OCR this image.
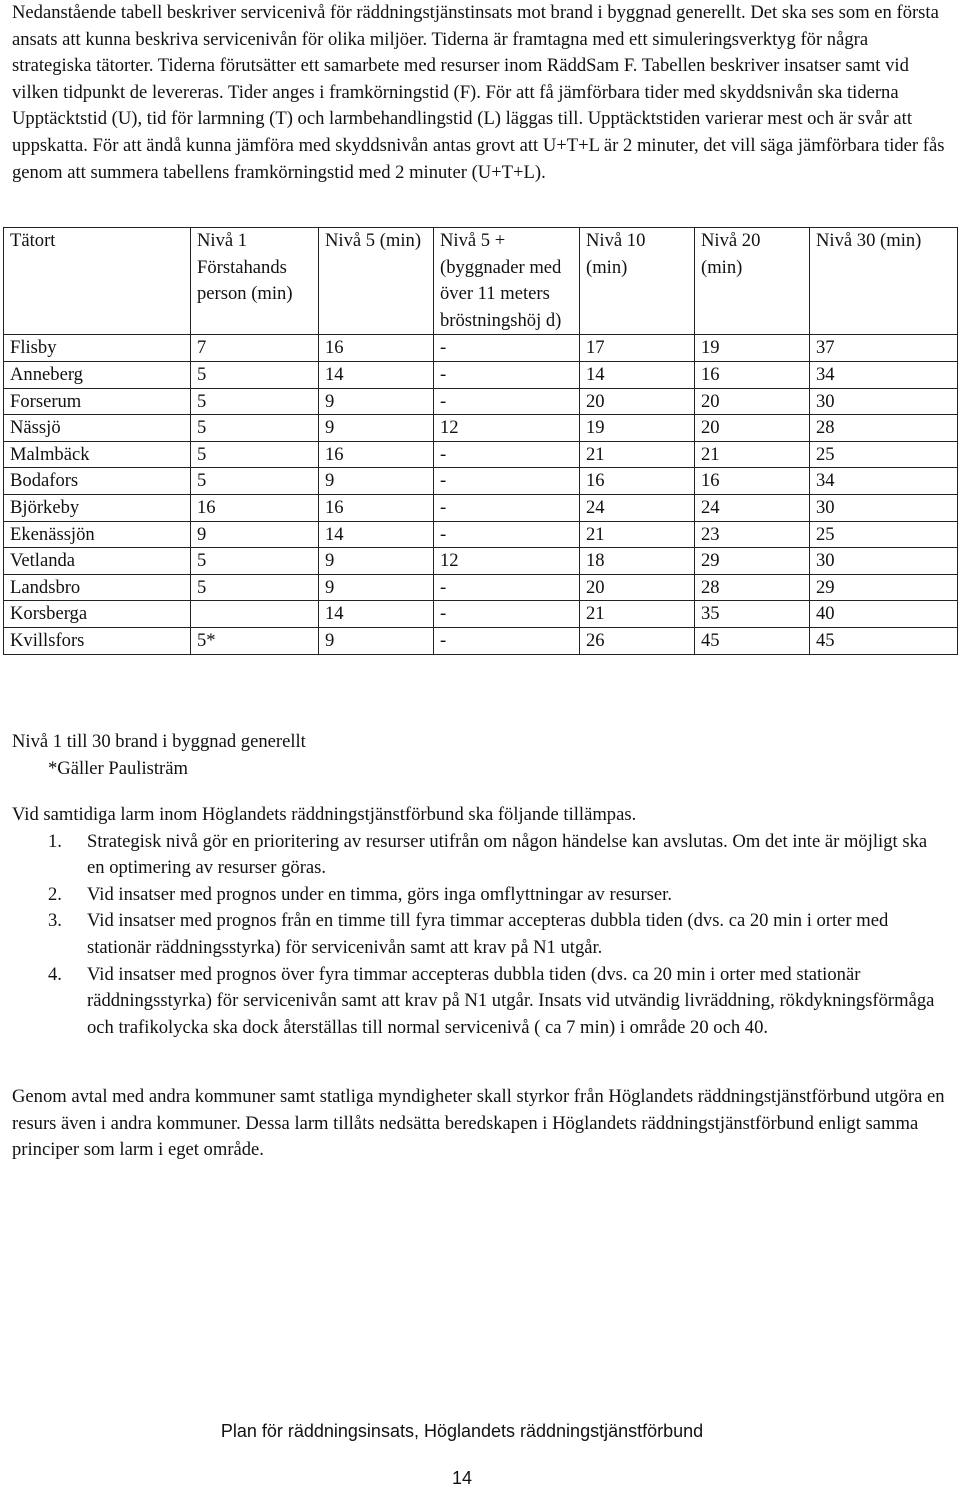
Nedanstående tabell beskriver servicenivå för räddningstjänstinsats mot brand i byggnad generellt. Det ska ses som en första ansats att kunna beskriva servicenivån för olika miljöer. Tiderna är framtagna med ett simuleringsverktyg för några strategiska tätorter. Tiderna förutsätter ett samarbete med resurser inom RäddSam F. Tabellen beskriver insatser samt vid vilken tidpunkt de levereras. Tider anges i framkörningstid (F). För att få jämförbara tider med skyddsnivån ska tiderna Upptäcktstid (U), tid för larmning (T) och larmbehandlingstid (L) läggas till. Upptäcktstiden varierar mest och är svår att uppskatta. För att ändå kunna jämföra med skyddsnivån antas grovt att U+T+L är 2 minuter, det vill säga jämförbara tider fås genom att summera tabellens framkörningstid med 2 minuter (U+T+L).

Tätort	Nivå 1 Förstahands person (min)	Nivå 5 (min)	Nivå 5 + (byggnader med över 11 meters bröstningshöj d)	Nivå 10 (min)	Nivå 20 (min)	Nivå 30 (min)
Flisby	7	16	-	17	19	37
Anneberg	5	14	-	14	16	34
Forserum	5	9	-	20	20	30
Nässjö	5	9	12	19	20	28
Malmbäck	5	16	-	21	21	25
Bodafors	5	9	-	16	16	34
Björkeby	16	16	-	24	24	30
Ekenässjön	9	14	-	21	23	25
Vetlanda	5	9	12	18	29	30
Landsbro	5	9	-	20	28	29
Korsberga		14	-	21	35	40
Kvillsfors	5*	9	-	26	45	45

Nivå 1 till 30 brand i byggnad generellt

*Gäller Paulisträm

Vid samtidiga larm inom Höglandets räddningstjänstförbund ska följande tillämpas.

1. Strategisk nivå gör en prioritering av resurser utifrån om någon händelse kan avslutas. Om det inte är möjligt ska en optimering av resurser göras.
2. Vid insatser med prognos under en timma, görs inga omflyttningar av resurser.
3. Vid insatser med prognos från en timme till fyra timmar accepteras dubbla tiden (dvs. ca 20 min i orter med stationär räddningsstyrka) för servicenivån samt att krav på N1 utgår.
4. Vid insatser med prognos över fyra timmar accepteras dubbla tiden (dvs. ca 20 min i orter med stationär räddningsstyrka) för servicenivån samt att krav på N1 utgår. Insats vid utvändig livräddning, rökdykningsförmåga och trafikolycka ska dock återställas till normal servicenivå ( ca 7 min) i område 20 och 40.

Genom avtal med andra kommuner samt statliga myndigheter skall styrkor från Höglandets räddningstjänstförbund utgöra en resurs även i andra kommuner. Dessa larm tillåts nedsätta beredskapen i Höglandets räddningstjänstförbund enligt samma principer som larm i eget område.

Plan för räddningsinsats, Höglandets räddningstjänstförbund
14
